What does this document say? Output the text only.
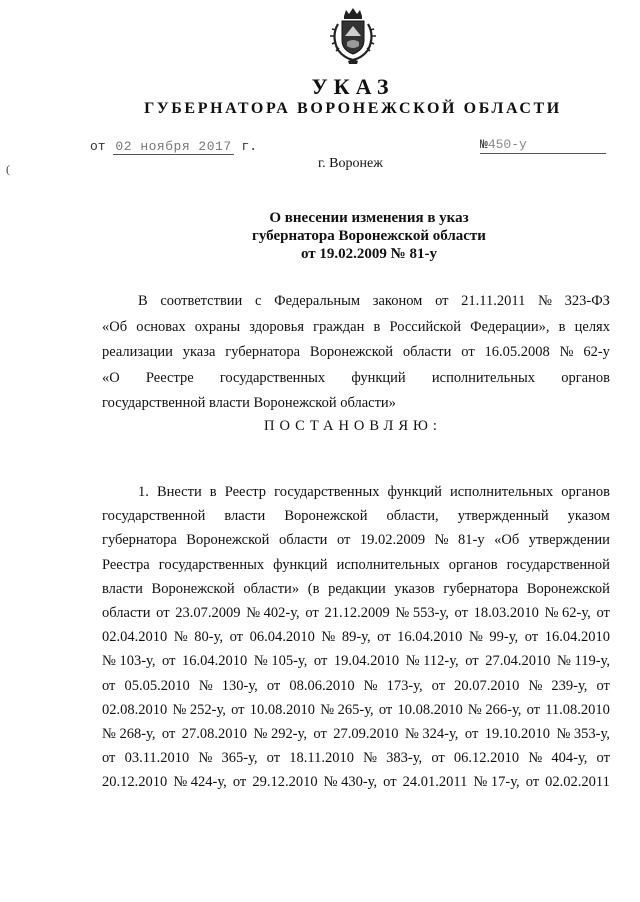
УКАЗ
ГУБЕРНАТОРА ВОРОНЕЖСКОЙ ОБЛАСТИ
от 02 ноября 2017 г.	№450-у
г. Воронеж
(
О внесении изменения в указ
губернатора Воронежской области
от 19.02.2009 № 81-у
В соответствии с Федеральным законом от 21.11.2011 № 323-ФЗ
«Об основах охраны здоровья граждан в Российской Федерации», в целях
реализации указа губернатора Воронежской области от 16.05.2008 № 62-у
«О Реестре государственных функций исполнительных органов
государственной власти Воронежской области»
ПОСТАНОВЛЯЮ:
1. Внести в Реестр государственных функций исполнительных органов
государственной власти Воронежской области, утвержденный указом
губернатора Воронежской области от 19.02.2009 № 81-у «Об утверждении
Реестра государственных функций исполнительных органов государственной
власти Воронежской области» (в редакции указов губернатора Воронежской
области от 23.07.2009 № 402-у, от 21.12.2009 № 553-у, от 18.03.2010 № 62-у, от
02.04.2010 № 80-у, от 06.04.2010 № 89-у, от 16.04.2010 № 99-у, от 16.04.2010
№ 103-у, от 16.04.2010 № 105-у, от 19.04.2010 № 112-у, от 27.04.2010 № 119-у,
от 05.05.2010 № 130-у, от 08.06.2010 № 173-у, от 20.07.2010 № 239-у, от
02.08.2010 № 252-у, от 10.08.2010 № 265-у, от 10.08.2010 № 266-у, от 11.08.2010
№ 268-у, от 27.08.2010 № 292-у, от 27.09.2010 № 324-у, от 19.10.2010 № 353-у,
от 03.11.2010 № 365-у, от 18.11.2010 № 383-у, от 06.12.2010 № 404-у, от
20.12.2010 № 424-у, от 29.12.2010 № 430-у, от 24.01.2011 № 17-у, от 02.02.2011
